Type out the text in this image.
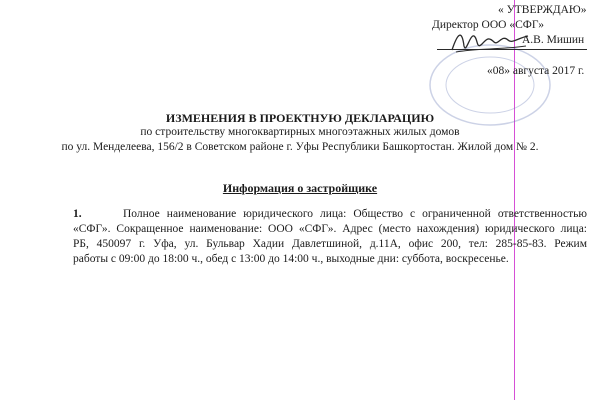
« УТВЕРЖДАЮ»
Директор ООО «СФГ»
А.В. Мишин
«08» августа 2017 г.
ИЗМЕНЕНИЯ В ПРОЕКТНУЮ ДЕКЛАРАЦИЮ
по строительству многоквартирных многоэтажных жилых домов
по ул. Менделеева, 156/2 в Советском районе г. Уфы Республики Башкортостан. Жилой дом № 2.
Информация о застройщике
1.	Полное наименование юридического лица: Общество с ограниченной ответственностью
«СФГ». Сокращенное наименование: ООО «СФГ». Адрес (место нахождения) юридического лица:
РБ, 450097 г. Уфа, ул. Бульвар Хадии Давлетшиной, д.11А, офис 200, тел: 285-85-83. Режим
работы с 09:00 до 18:00 ч., обед с 13:00 до 14:00 ч., выходные дни: суббота, воскресенье.
